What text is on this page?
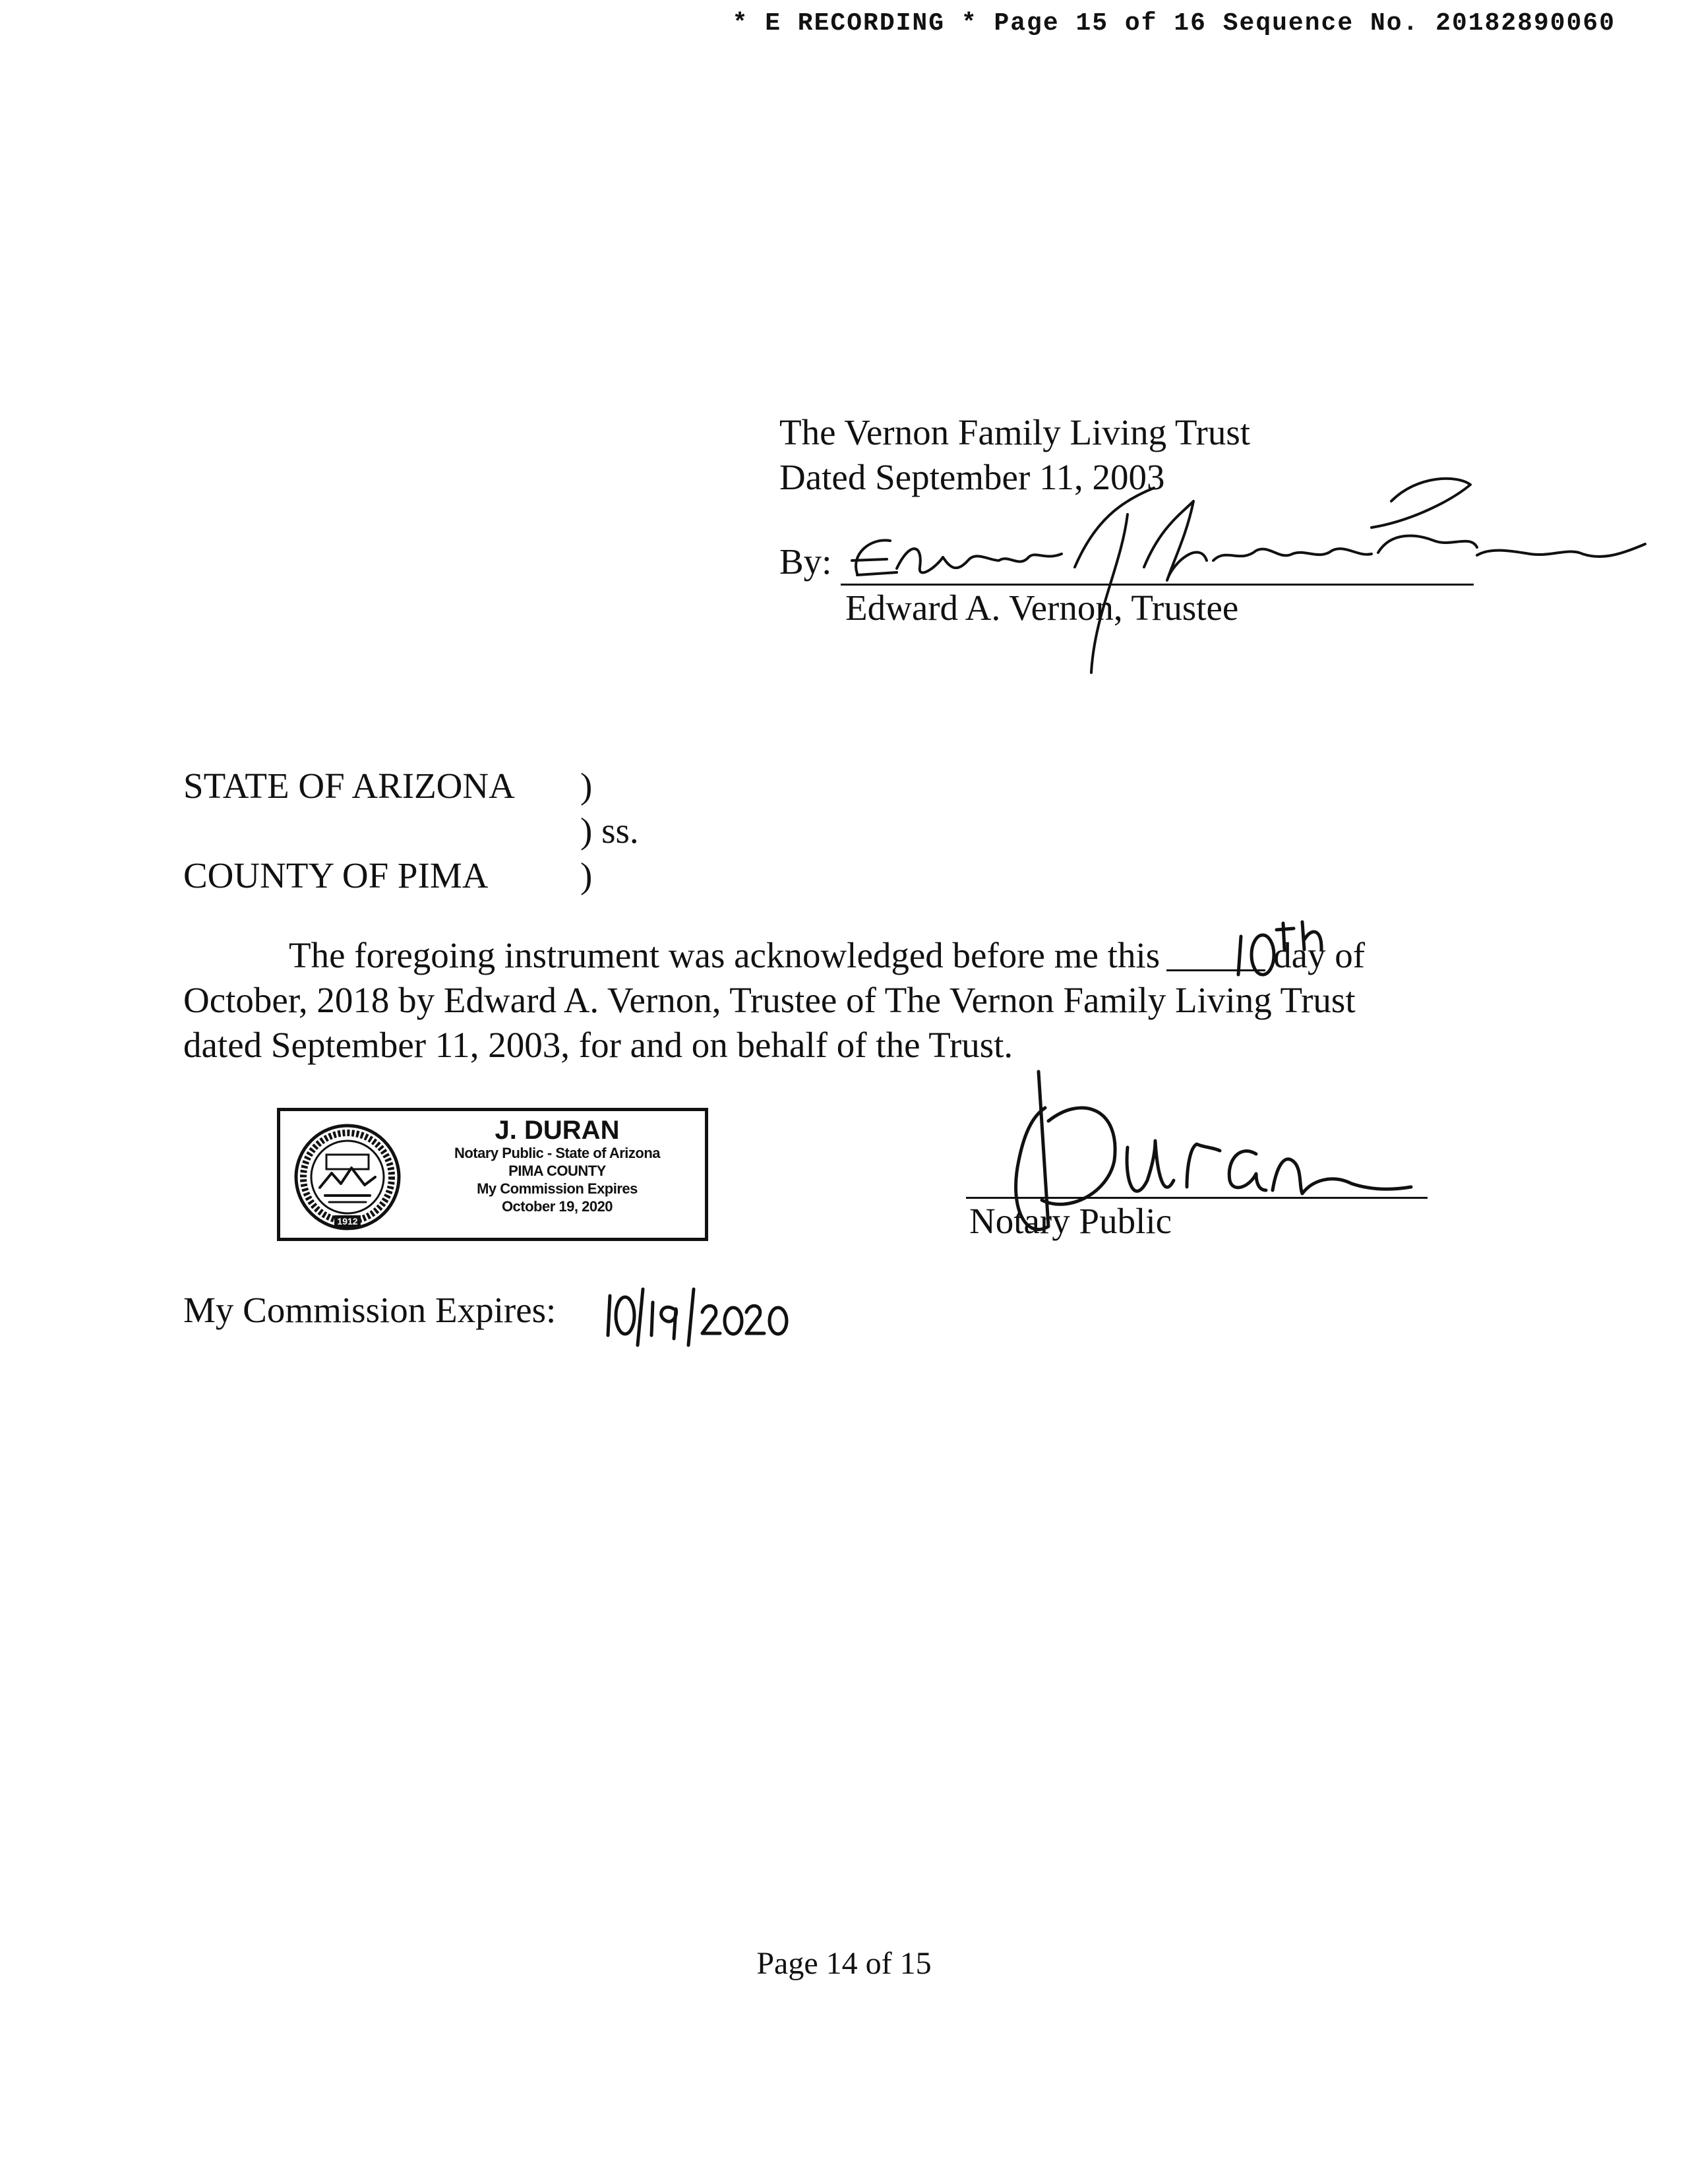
* E RECORDING * Page 15 of 16 Sequence No. 20182890060
The Vernon Family Living Trust
Dated September 11, 2003
By:
Edward A. Vernon, Trustee
STATE OF ARIZONA )
) ss.
COUNTY OF PIMA	)
The foregoing instrument was acknowledged before me this	day of
October, 2018 by Edward A. Vernon, Trustee of The Vernon Family Living Trust
dated September 11, 2003, for and on behalf of the Trust.
1912
J. DURAN
Notary Public - State of Arizona
PIMA COUNTY
My Commission Expires
October 19, 2020	Notary Public
My Commission Expires:
Page 14 of 15
